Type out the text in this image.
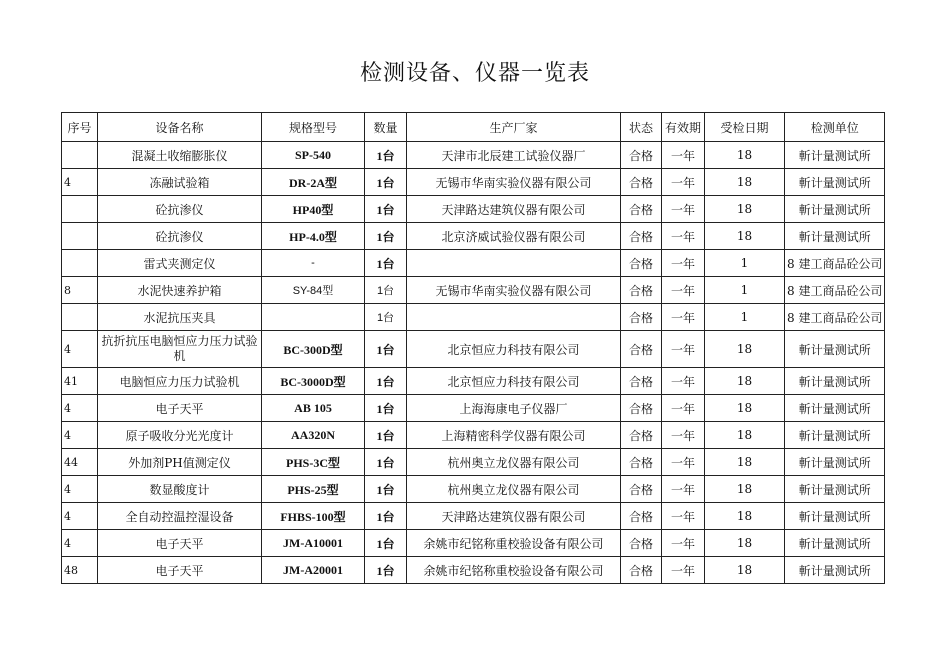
检测设备、仪器一览表
序号	设备名称	规格型号	数量	生产厂家	状态	有效期	受检日期	检测单位
	混凝土收缩膨胀仪	SP-540	1台	天津市北辰建工试验仪器厂	合格	一年	18	斬计量测试所
4	冻融试验箱	DR-2A型	1台	无锡市华南实验仪器有限公司	合格	一年	18	斬计量测试所
	砼抗渗仪	HP40型	1台	天津路达建筑仪器有限公司	合格	一年	18	斬计量测试所
	砼抗渗仪	HP-4.0型	1台	北京济威试验仪器有限公司	合格	一年	18	斬计量测试所
	雷式夹测定仪	-	1台		合格	一年	1	8 建工商品砼公司
8	水泥快速养护箱	SY-84型	1台	无锡市华南实验仪器有限公司	合格	一年	1	8 建工商品砼公司
	水泥抗压夹具		1台		合格	一年	1	8 建工商品砼公司
4	抗折抗压电脑恒应力压力试验机	BC-300D型	1台	北京恒应力科技有限公司	合格	一年	18	斬计量测试所
41	电脑恒应力压力试验机	BC-3000D型	1台	北京恒应力科技有限公司	合格	一年	18	斬计量测试所
4	电子天平	AB 105	1台	上海海康电子仪器厂	合格	一年	18	斬计量测试所
4	原子吸收分光光度计	AA320N	1台	上海精密科学仪器有限公司	合格	一年	18	斬计量测试所
44	外加剂PH值测定仪	PHS-3C型	1台	杭州奥立龙仪器有限公司	合格	一年	18	斬计量测试所
4	数显酸度计	PHS-25型	1台	杭州奥立龙仪器有限公司	合格	一年	18	斬计量测试所
4	全自动控温控湿设备	FHBS-100型	1台	天津路达建筑仪器有限公司	合格	一年	18	斬计量测试所
4	电子天平	JM-A10001	1台	余姚市纪铭称重校验设备有限公司	合格	一年	18	斬计量测试所
48	电子天平	JM-A20001	1台	余姚市纪铭称重校验设备有限公司	合格	一年	18	斬计量测试所
